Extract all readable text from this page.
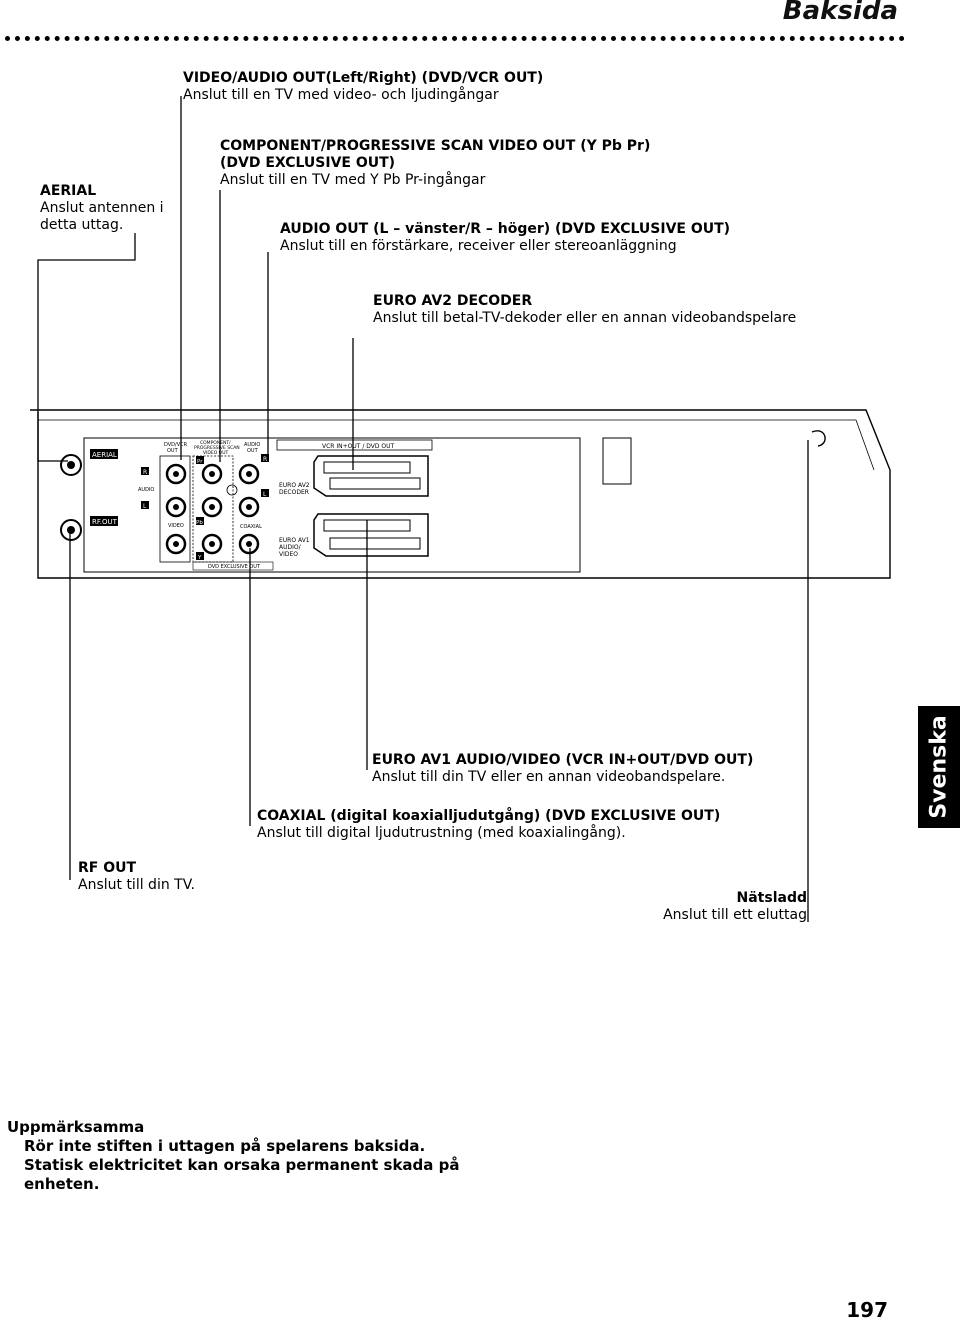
Baksida
VIDEO/AUDIO OUT(Left/Right) (DVD/VCR OUT)
Anslut till en TV med video- och ljudingångar
AERIAL
Anslut antennen i
detta uttag.
COMPONENT/PROGRESSIVE SCAN VIDEO OUT (Y Pb Pr)
(DVD EXCLUSIVE OUT)
Anslut till en TV med Y Pb Pr-ingångar
AUDIO OUT (L – vänster/R – höger) (DVD EXCLUSIVE OUT)
Anslut till en förstärkare, receiver eller stereoanläggning
EURO AV2 DECODER
Anslut till betal-TV-dekoder eller en annan videobandspelare
EURO AV1 AUDIO/VIDEO (VCR IN+OUT/DVD OUT)
Anslut till din TV eller en annan videobandspelare.
COAXIAL (digital koaxialljudutgång) (DVD EXCLUSIVE OUT)
Anslut till digital ljudutrustning (med koaxialingång).
RF OUT
Anslut till din TV.
Nätsladd
Anslut till ett eluttag
AERIAL
RF.OUT
DVD/VCR
OUT
R
AUDIO
L
VIDEO
COMPONENT/
PROGRESSIVE SCAN
VIDEO OUT
Pr
Pb
Y
AUDIO
OUT
R
L
COAXIAL
DVD EXCLUSIVE OUT
VCR IN+OUT / DVD OUT
EURO AV2
DECODER
EURO AV1
AUDIO/
VIDEO
Svenska
Uppmärksamma
Rör inte stiften i uttagen på spelarens baksida.
Statisk elektricitet kan orsaka permanent skada på
enheten.
197
